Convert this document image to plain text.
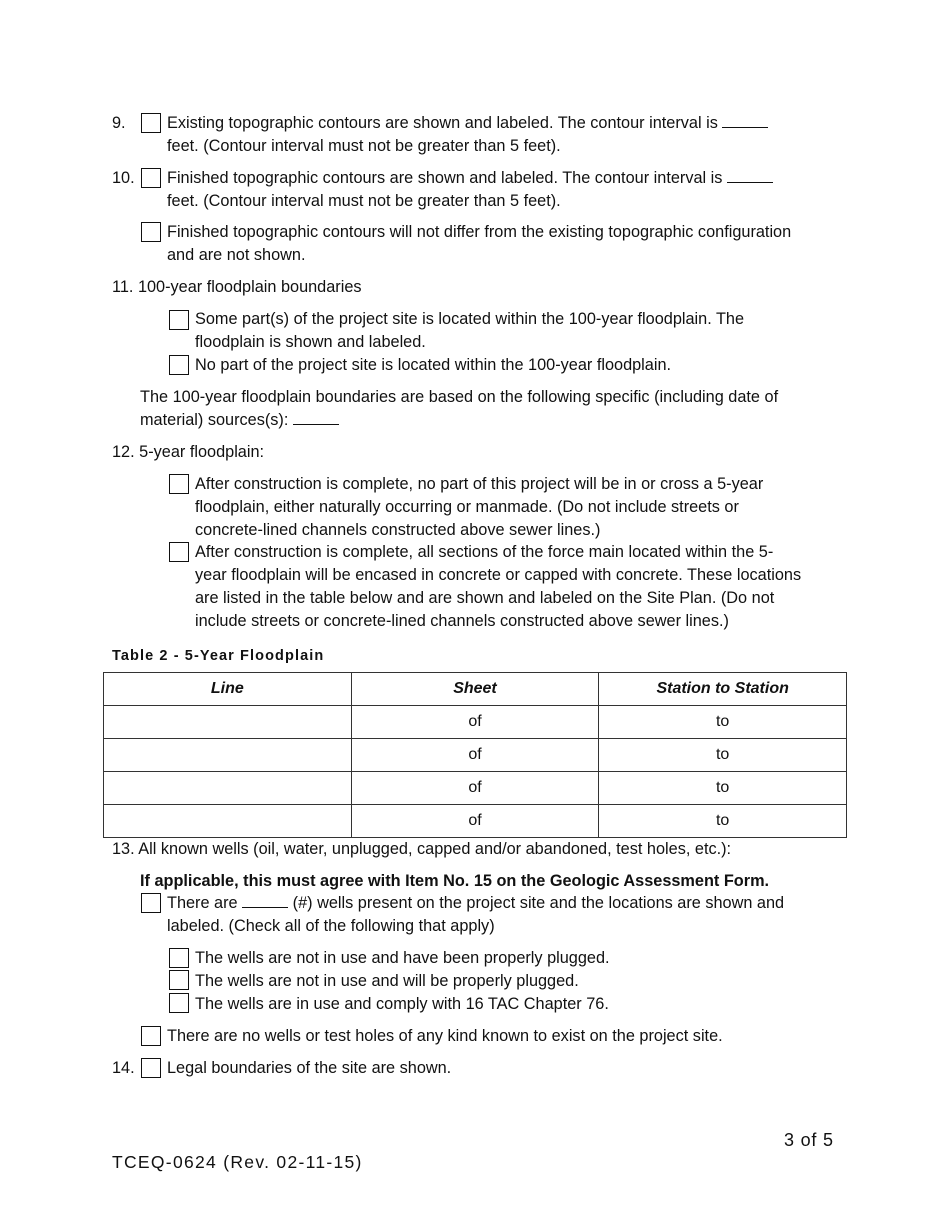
9.	Existing topographic contours are shown and labeled. The contour interval is
feet. (Contour interval must not be greater than 5 feet).
10. Finished topographic contours are shown and labeled. The contour interval is
feet. (Contour interval must not be greater than 5 feet).
Finished topographic contours will not differ from the existing topographic configuration
and are not shown.
11. 100-year floodplain boundaries
Some part(s) of the project site is located within the 100-year floodplain. The
floodplain is shown and labeled.
No part of the project site is located within the 100-year floodplain.
The 100-year floodplain boundaries are based on the following specific (including date of
material) sources(s):
12. 5-year floodplain:
After construction is complete, no part of this project will be in or cross a 5-year
floodplain, either naturally occurring or manmade. (Do not include streets or
concrete-lined channels constructed above sewer lines.)
After construction is complete, all sections of the force main located within the 5-
year floodplain will be encased in concrete or capped with concrete. These locations
are listed in the table below and are shown and labeled on the Site Plan. (Do not
include streets or concrete-lined channels constructed above sewer lines.)
Table 2 - 5-Year Floodplain
Line	Sheet	Station to Station
	of	to
	of	to
	of	to
	of	to
13. All known wells (oil, water, unplugged, capped and/or abandoned, test holes, etc.):
If applicable, this must agree with Item No. 15 on the Geologic Assessment Form.
There are	(#) wells present on the project site and the locations are shown and
labeled. (Check all of the following that apply)
The wells are not in use and have been properly plugged.
The wells are not in use and will be properly plugged.
The wells are in use and comply with 16 TAC Chapter 76.
There are no wells or test holes of any kind known to exist on the project site.
14. Legal boundaries of the site are shown.
3 of 5
TCEQ-0624 (Rev. 02-11-15)
